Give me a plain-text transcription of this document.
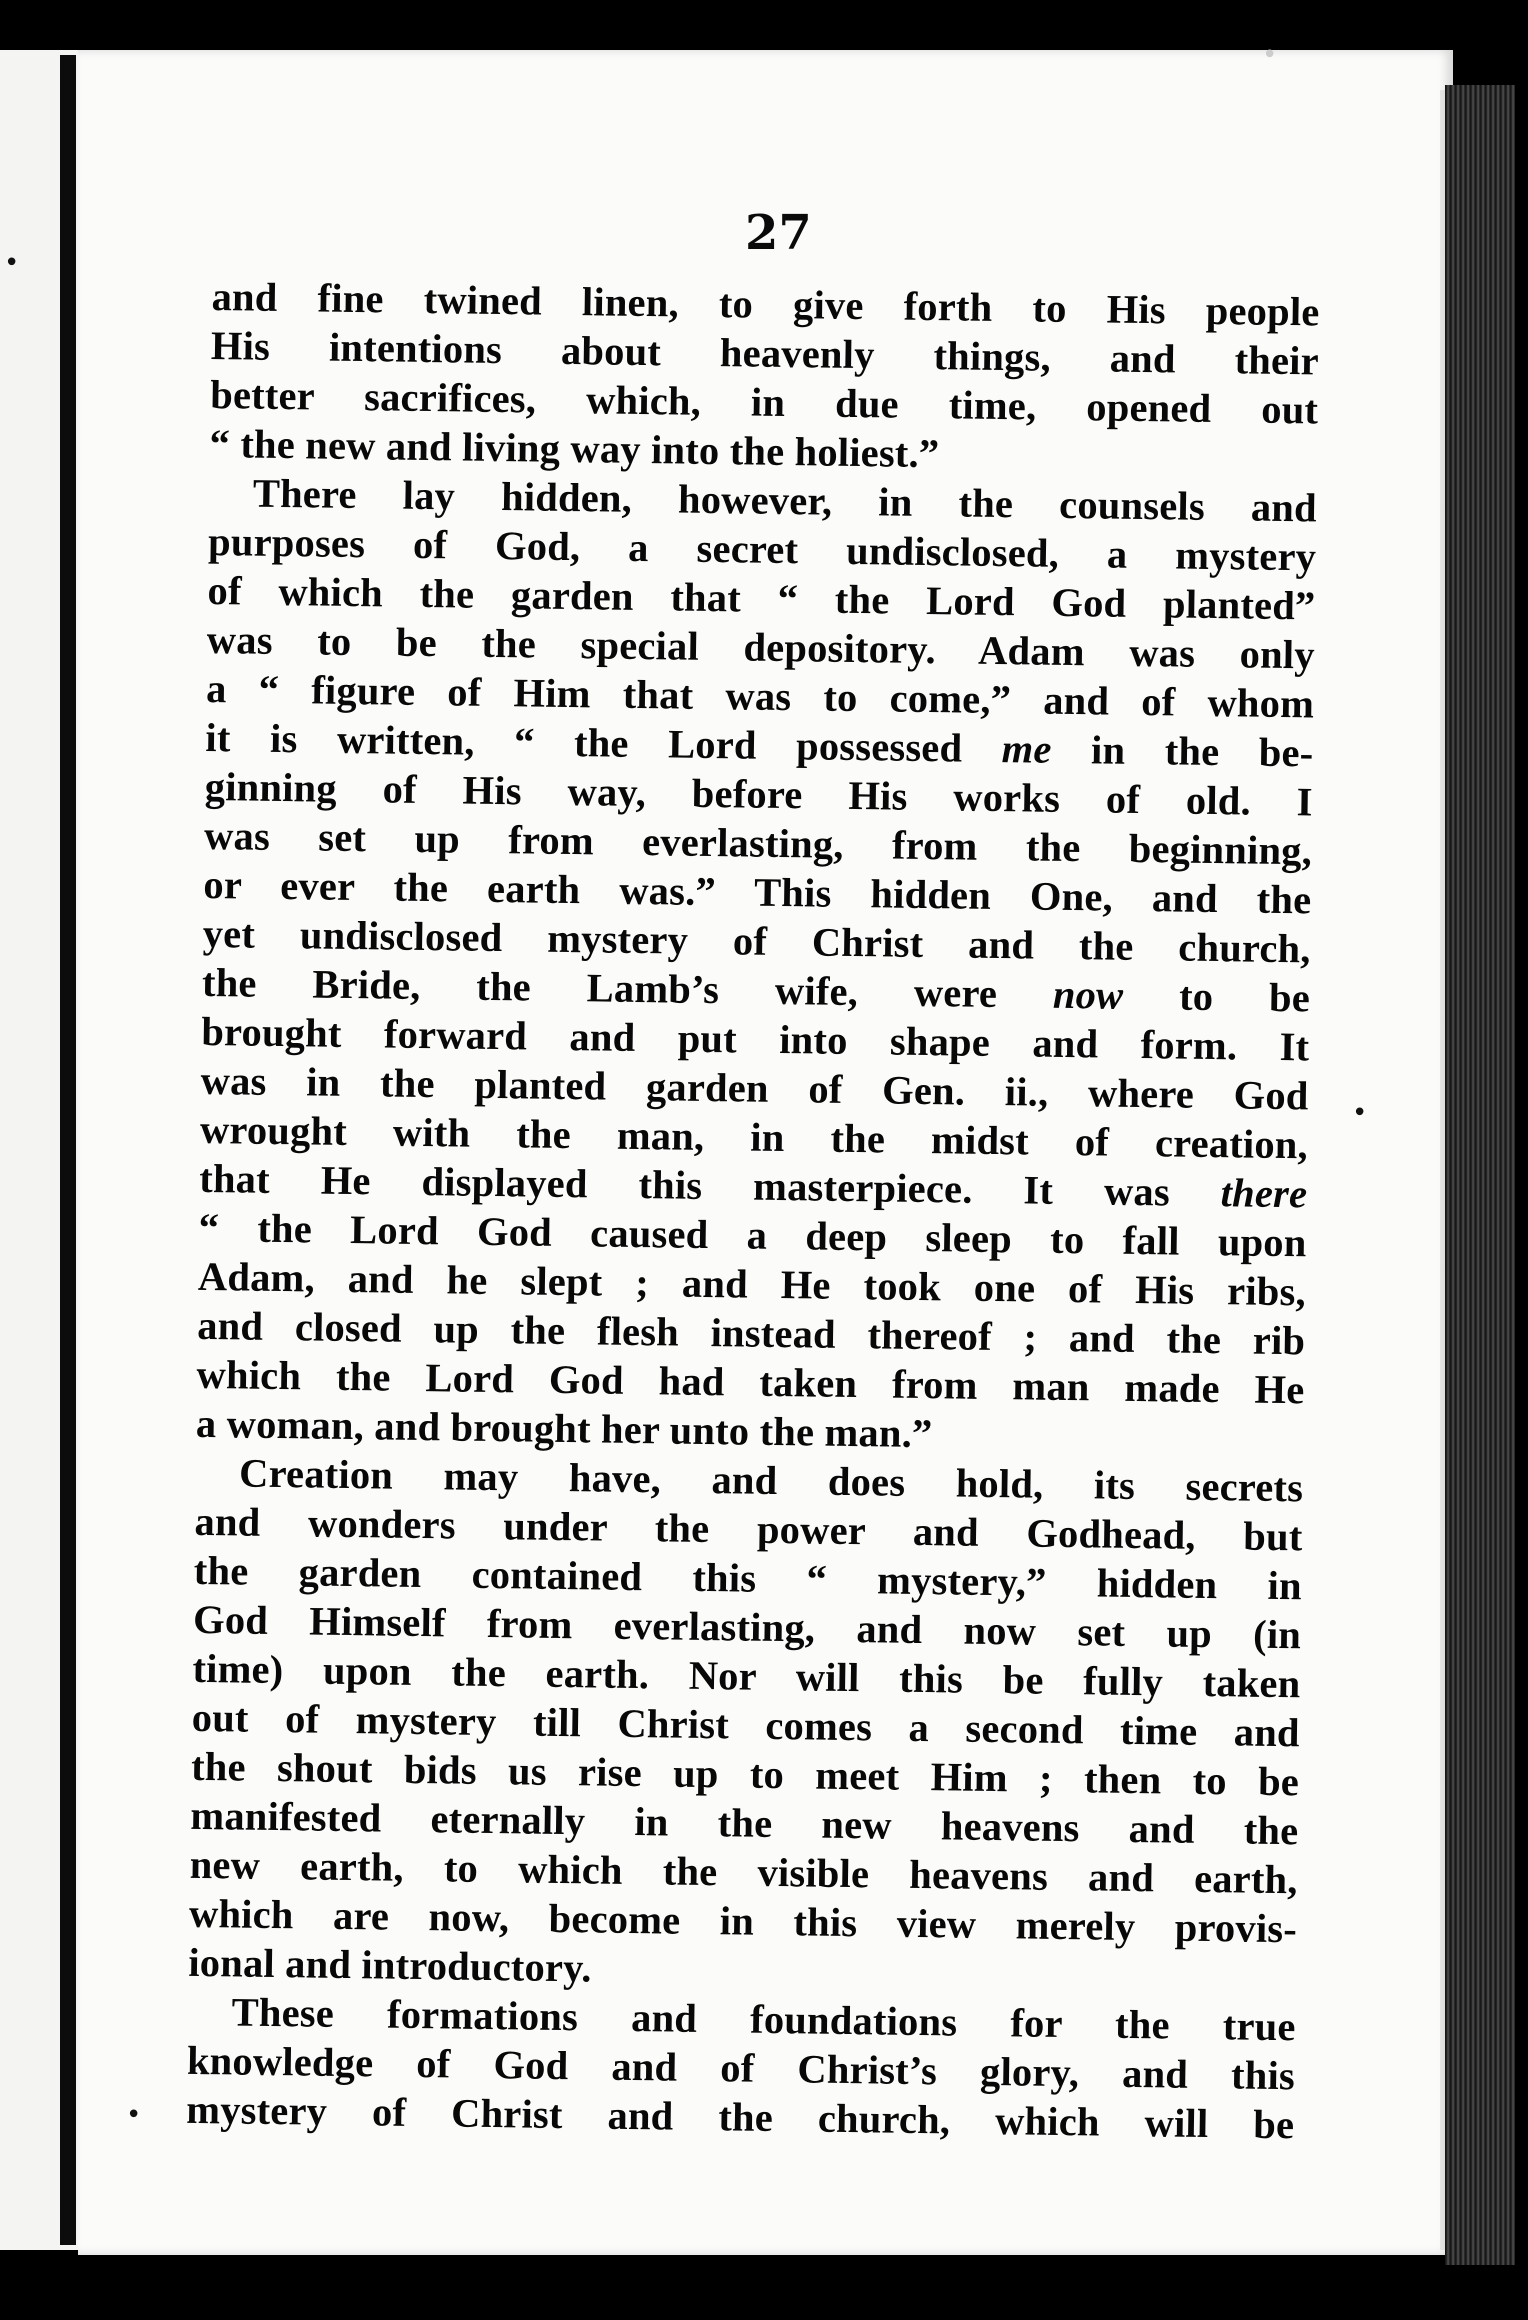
•
•
•
•
27
and fine twined linen, to give forth to His people
His intentions about heavenly things, and their
better sacrifices, which, in due time, opened out
“ the new and living way into the holiest.”
There lay hidden, however, in the counsels and
purposes of God, a secret undisclosed, a mystery
of which the garden that “ the Lord God planted”
was to be the special depository. Adam was only
a “ figure of Him that was to come,” and of whom
it is written, “ the Lord possessed me in the be-
ginning of His way, before His works of old. I
was set up from everlasting, from the beginning,
or ever the earth was.” This hidden One, and the
yet undisclosed mystery of Christ and the church,
the Bride, the Lamb’s wife, were now to be
brought forward and put into shape and form. It
was in the planted garden of Gen. ii., where God
wrought with the man, in the midst of creation,
that He displayed this masterpiece. It was there
“ the Lord God caused a deep sleep to fall upon
Adam, and he slept ; and He took one of His ribs,
and closed up the flesh instead thereof ; and the rib
which the Lord God had taken from man made He
a woman, and brought her unto the man.”
Creation may have, and does hold, its secrets
and wonders under the power and Godhead, but
the garden contained this “ mystery,” hidden in
God Himself from everlasting, and now set up (in
time) upon the earth. Nor will this be fully taken
out of mystery till Christ comes a second time and
the shout bids us rise up to meet Him ; then to be
manifested eternally in the new heavens and the
new earth, to which the visible heavens and earth,
which are now, become in this view merely provis-
ional and introductory.
These formations and foundations for the true
knowledge of God and of Christ’s glory, and this
mystery of Christ and the church, which will be
